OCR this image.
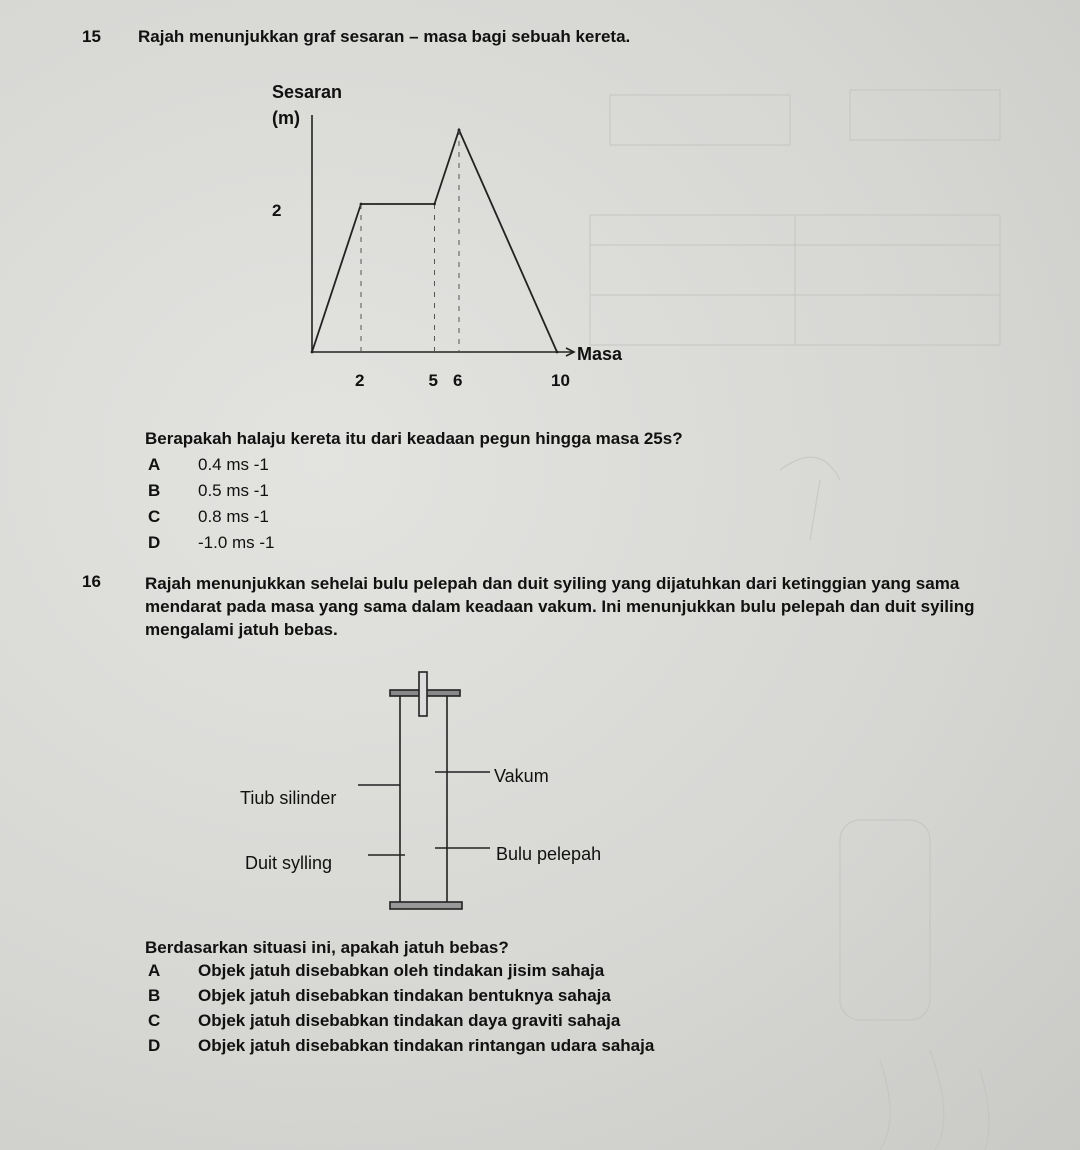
15 Rajah menunjukkan graf sesaran – masa bagi sebuah kereta.
2	5 6	10
2
Sesaran
(m)
Masa
Berapakah halaju kereta itu dari keadaan pegun hingga masa 25s?
A	0.4 ms -1
B	0.5 ms -1
C	0.8 ms -1
D	-1.0 ms -1
16	Rajah menunjukkan sehelai bulu pelepah dan duit syiling yang dijatuhkan dari ketinggian yang sama mendarat pada masa yang sama dalam keadaan vakum. Ini menunjukkan bulu pelepah dan duit syiling mengalami jatuh bebas.
Tiub silinder
Vakum
Duit sylling	Bulu pelepah
Berdasarkan situasi ini, apakah jatuh bebas?
A	Objek jatuh disebabkan oleh tindakan jisim sahaja
B	Objek jatuh disebabkan tindakan bentuknya sahaja
C	Objek jatuh disebabkan tindakan daya graviti sahaja
D	Objek jatuh disebabkan tindakan rintangan udara sahaja
